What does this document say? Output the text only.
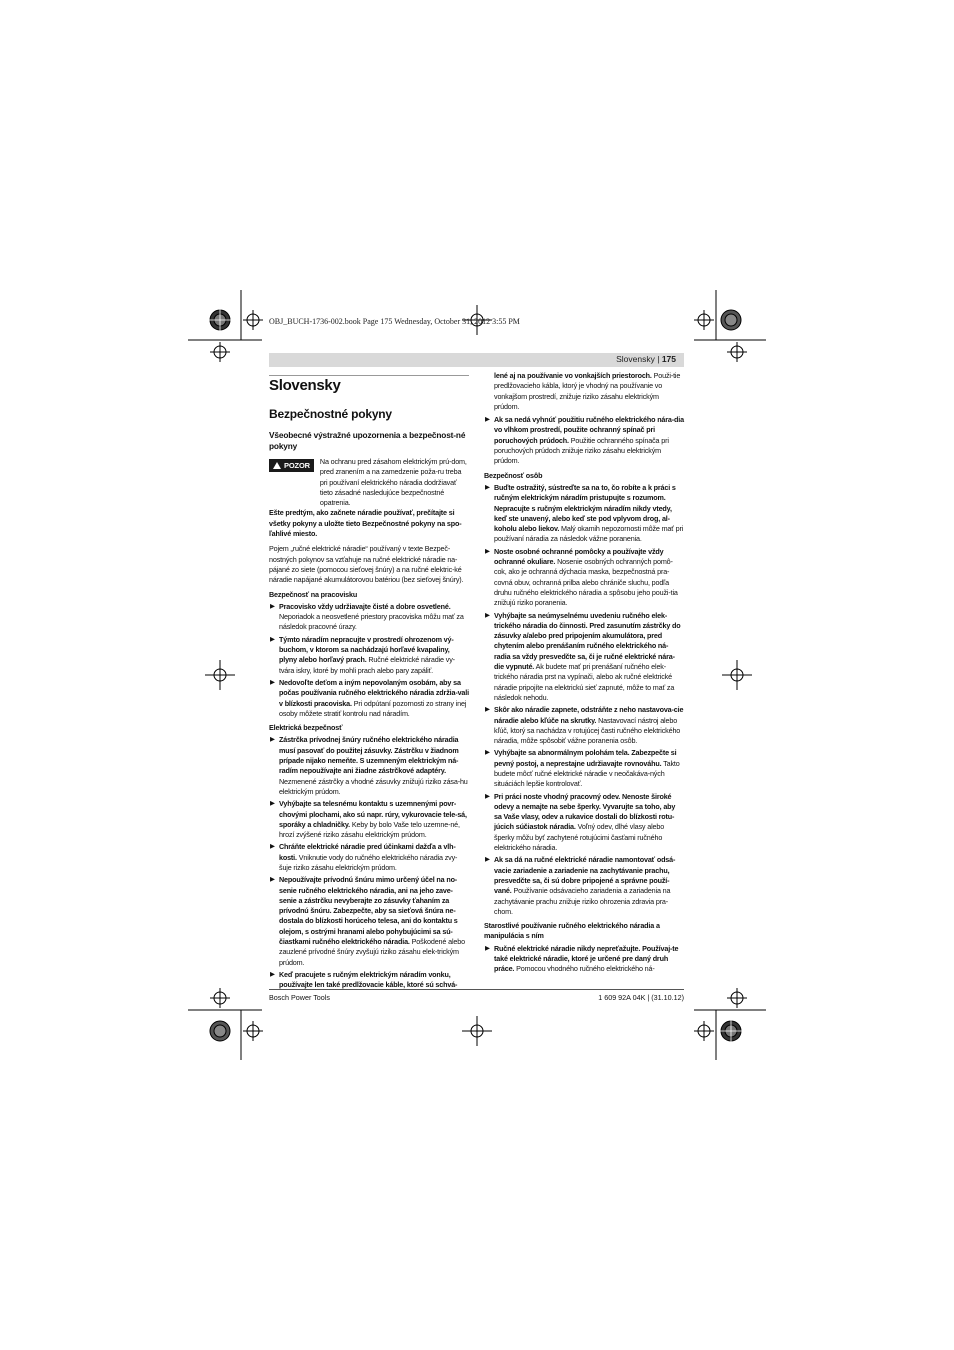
OBJ_BUCH-1736-002.book Page 175 Wednesday, October 31, 2012 3:55 PM
Slovensky | 175
Slovensky
Bezpečnostné pokyny
Všeobecné výstražné upozornenia a bezpečnost-né pokyny
POZOR Na ochranu pred zásahom elektrickým prú-dom, pred zranením a na zamedzenie poža-ru treba pri používaní elektrického náradia dodržiavať tieto zásadné nasledujúce bezpečnostné opatrenia.

Ešte predtým, ako začnete náradie používať, prečítajte si všetky pokyny a uložte tieto Bezpečnostné pokyny na spo-ľahlivé miesto.

Pojem „ručné elektrické náradie“ používaný v texte Bezpeč-nostných pokynov sa vzťahuje na ručné elektrické náradie na-pájané zo siete (pomocou sieťovej šnúry) a na ručné elektric-ké náradie napájané akumulátorovou batériou (bez sieťovej šnúry).

Bezpečnosť na pracovisku
▶ Pracovisko vždy udržiavajte čisté a dobre osvetlené. Neporiadok a neosvetlené priestory pracoviska môžu mať za následok pracovné úrazy.
▶ Týmto náradím nepracujte v prostredí ohrozenom vý-buchom, v ktorom sa nachádzajú horľavé kvapaliny, plyny alebo horľavý prach. Ručné elektrické náradie vy-tvára iskry, ktoré by mohli prach alebo pary zapáliť.
▶ Nedovoľte deťom a iným nepovolaným osobám, aby sa počas používania ručného elektrického náradia zdržia-vali v blízkosti pracoviska. Pri odpútaní pozornosti zo strany inej osoby môžete stratiť kontrolu nad náradím.
Elektrická bezpečnosť
▶ Zástrčka prívodnej šnúry ručného elektrického náradia musí pasovať do použitej zásuvky. Zástrčku v žiadnom prípade nijako nemeňte. S uzemneným elektrickým ná-radím nepoužívajte ani žiadne zástrčkové adaptéry. Nezmenené zástrčky a vhodné zásuvky znižujú riziko zása-hu elektrickým prúdom.
▶ Vyhýbajte sa telesnému kontaktu s uzemnenými povr-chovými plochami, ako sú napr. rúry, vykurovacie tele-sá, sporáky a chladničky. Keby by bolo Vaše telo uzemne-né, hrozí zvýšené riziko zásahu elektrickým prúdom.
▶ Chráňte elektrické náradie pred účinkami dažďa a vlh-kosti. Vniknutie vody do ručného elektrického náradia zvy-šuje riziko zásahu elektrickým prúdom.
▶ Nepoužívajte prívodnú šnúru mimo určený účel na no-senie ručného elektrického náradia, ani na jeho zave-senie a zástrčku nevyberajte zo zásuvky ťahaním za prívodnú šnúru. Zabezpečte, aby sa sieťová šnúra ne-dostala do blízkosti horúceho telesa, ani do kontaktu s olejom, s ostrými hranami alebo pohybujúcimi sa sú-čiastkami ručného elektrického náradia. Poškodené alebo zauzlené prívodné šnúry zvyšujú riziko zásahu elek-trickým prúdom.
▶ Keď pracujete s ručným elektrickým náradím vonku, používajte len také predlžovacie káble, ktoré sú schvá-

lené aj na používanie vo vonkajších priestoroch. Použi-tie predlžovacieho kábla, ktorý je vhodný na používanie vo vonkajšom prostredí, znižuje riziko zásahu elektrickým prúdom.

▶ Ak sa nedá vyhnúť použitiu ručného elektrického nára-dia vo vlhkom prostredí, použite ochranný spínač pri poruchových prúdoch. Použitie ochranného spínača pri poruchových prúdoch znižuje riziko zásahu elektrickým prúdom.
Bezpečnosť osôb
▶ Buďte ostražitý, sústreďte sa na to, čo robíte a k práci s ručným elektrickým náradím pristupujte s rozumom. Nepracujte s ručným elektrickým náradím nikdy vtedy, keď ste unavený, alebo keď ste pod vplyvom drog, al-koholu alebo liekov. Malý okamih nepozornosti môže mať pri používaní náradia za následok vážne poranenia.
▶ Noste osobné ochranné pomôcky a používajte vždy ochranné okuliare. Nosenie osobných ochranných pomô-cok, ako je ochranná dýchacia maska, bezpečnostná pra-covná obuv, ochranná prilba alebo chrániče sluchu, podľa druhu ručného elektrického náradia a spôsobu jeho použi-tia znižujú riziko poranenia.
▶ Vyhýbajte sa neúmyselnému uvedeniu ručného elek-trického náradia do činnosti. Pred zasunutím zástrčky do zásuvky a/alebo pred pripojením akumulátora, pred chytením alebo prenášaním ručného elektrického ná-radia sa vždy presvedčte sa, či je ručné elektrické nára-die vypnuté. Ak budete mať pri prenášaní ručného elek-trického náradia prst na vypínači, alebo ak ručné elektrické náradie pripojíte na elektrickú sieť zapnuté, môže to mať za následok nehodu.
▶ Skôr ako náradie zapnete, odstráňte z neho nastavova-cie náradie alebo kľúče na skrutky. Nastavovací nástroj alebo kľúč, ktorý sa nachádza v rotujúcej časti ručného elektrického náradia, môže spôsobiť vážne poranenia osôb.
▶ Vyhýbajte sa abnormálnym polohám tela. Zabezpečte si pevný postoj, a neprestajne udržiavajte rovnováhu. Takto budete môcť ručné elektrické náradie v neočakáva-ných situáciách lepšie kontrolovať.
▶ Pri práci noste vhodný pracovný odev. Nenoste široké odevy a nemajte na sebe šperky. Vyvarujte sa toho, aby sa Vaše vlasy, odev a rukavice dostali do blízkosti rotu-júcich súčiastok náradia. Voľný odev, dlhé vlasy alebo šperky môžu byť zachytené rotujúcimi časťami ručného elektrického náradia.
▶ Ak sa dá na ručné elektrické náradie namontovať odsá-vacie zariadenie a zariadenie na zachytávanie prachu, presvedčte sa, či sú dobre pripojené a správne použí-vané. Používanie odsávacieho zariadenia a zariadenia na zachytávanie prachu znižuje riziko ohrozenia zdravia pra-chom.
Starostlivé používanie ručného elektrického náradia a manipulácia s ním
▶ Ručné elektrické náradie nikdy nepreťažujte. Používaj-te také elektrické náradie, ktoré je určené pre daný druh práce. Pomocou vhodného ručného elektrického ná-
Bosch Power Tools	1 609 92A 04K | (31.10.12)
